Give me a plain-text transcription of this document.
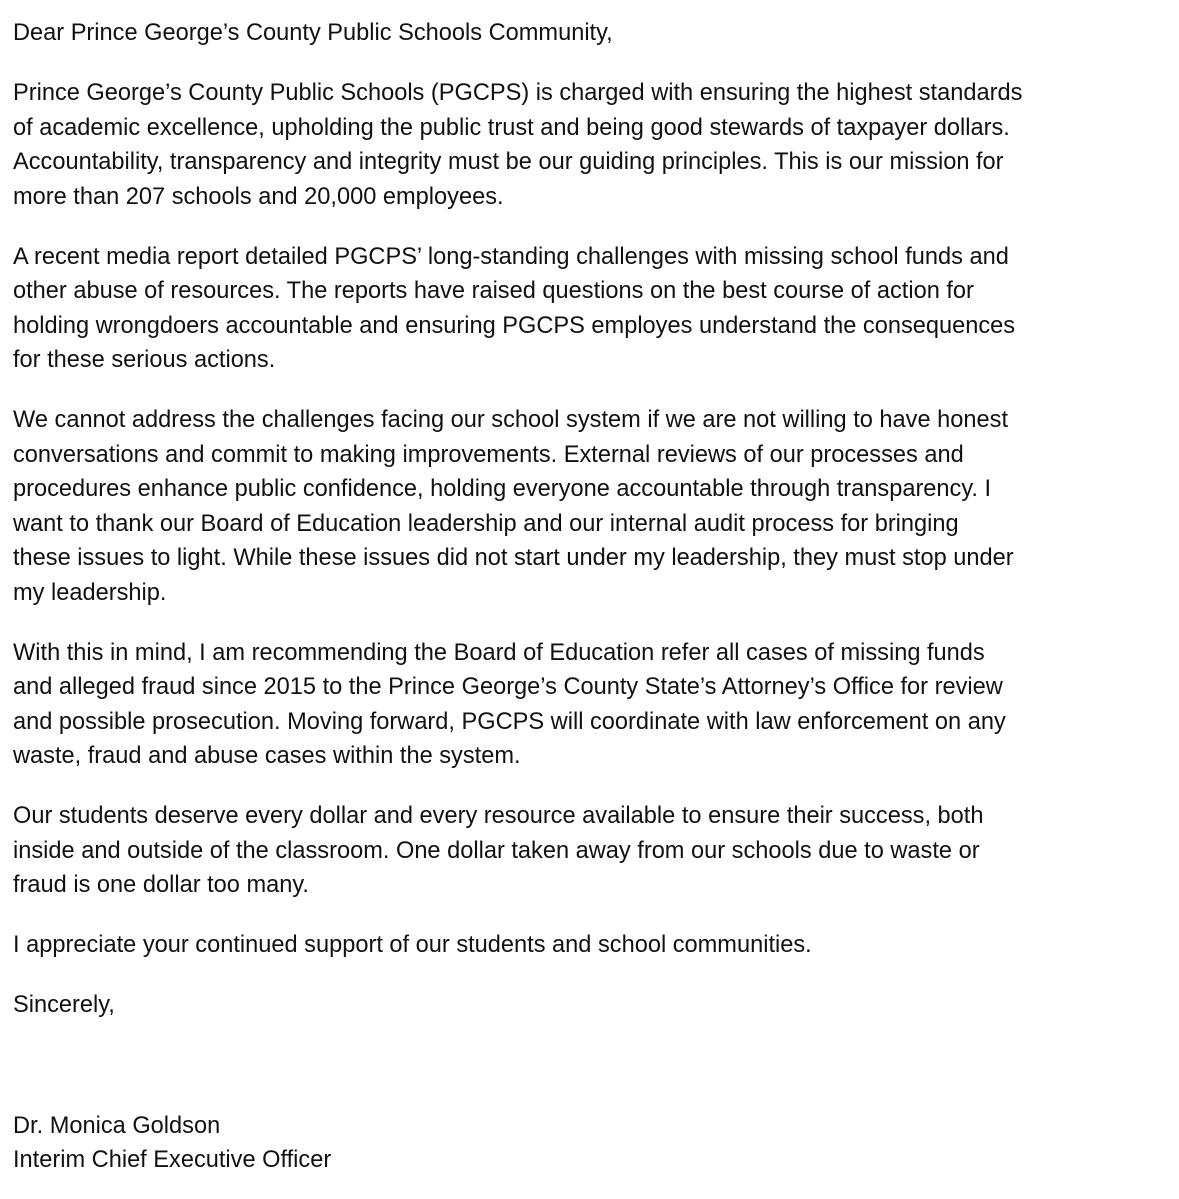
Dear Prince George’s County Public Schools Community,
Prince George’s County Public Schools (PGCPS) is charged with ensuring the highest standards
of academic excellence, upholding the public trust and being good stewards of taxpayer dollars.
Accountability, transparency and integrity must be our guiding principles. This is our mission for
more than 207 schools and 20,000 employees.
A recent media report detailed PGCPS’ long-standing challenges with missing school funds and
other abuse of resources. The reports have raised questions on the best course of action for
holding wrongdoers accountable and ensuring PGCPS employes understand the consequences
for these serious actions.
We cannot address the challenges facing our school system if we are not willing to have honest
conversations and commit to making improvements. External reviews of our processes and
procedures enhance public confidence, holding everyone accountable through transparency. I
want to thank our Board of Education leadership and our internal audit process for bringing
these issues to light. While these issues did not start under my leadership, they must stop under
my leadership.
With this in mind, I am recommending the Board of Education refer all cases of missing funds
and alleged fraud since 2015 to the Prince George’s County State’s Attorney’s Office for review
and possible prosecution. Moving forward, PGCPS will coordinate with law enforcement on any
waste, fraud and abuse cases within the system.
Our students deserve every dollar and every resource available to ensure their success, both
inside and outside of the classroom. One dollar taken away from our schools due to waste or
fraud is one dollar too many.
I appreciate your continued support of our students and school communities.
Sincerely,
Dr. Monica Goldson
Interim Chief Executive Officer
